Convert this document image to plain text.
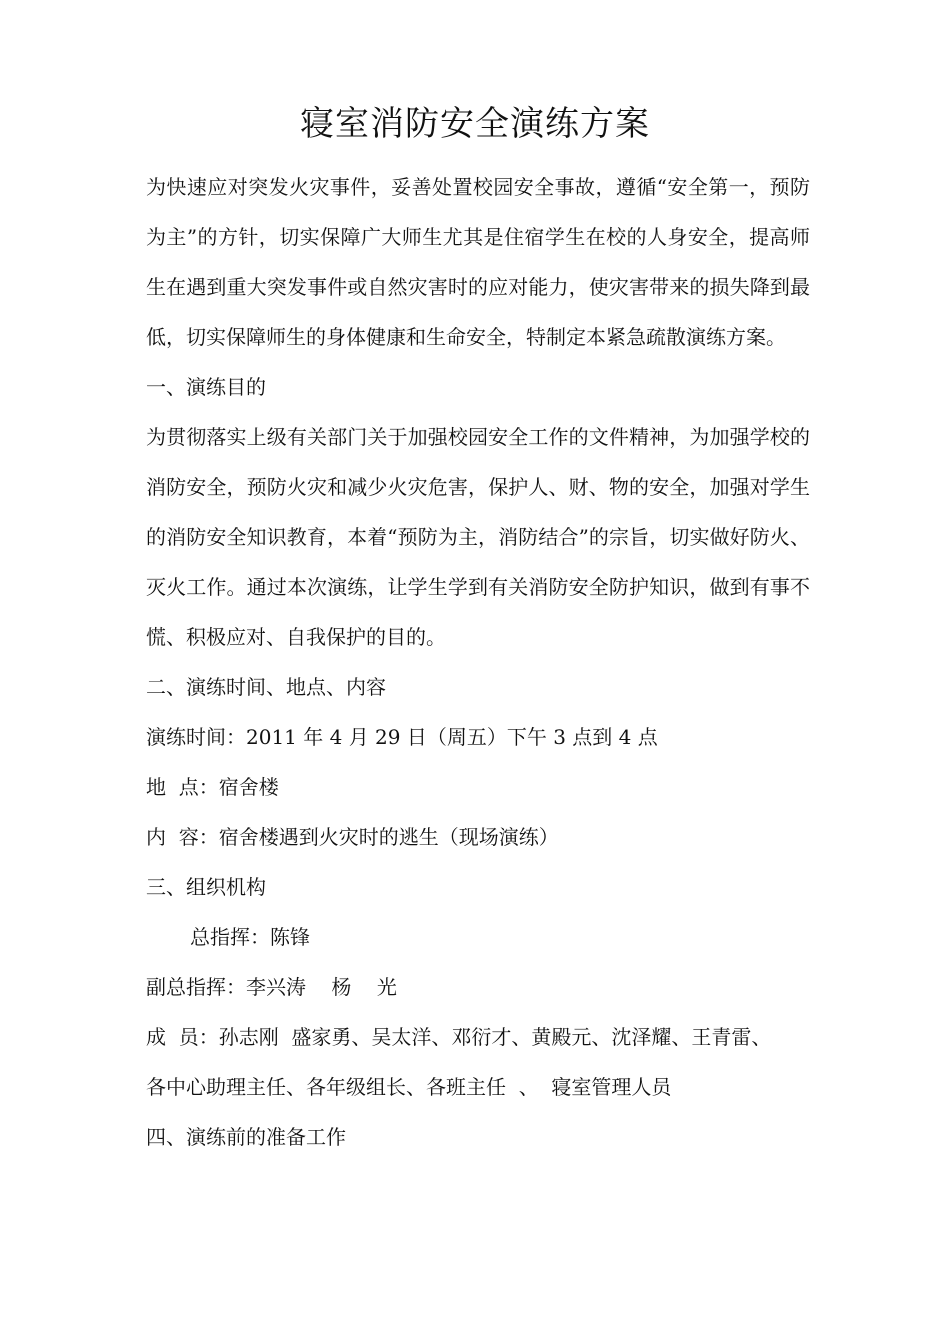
寝室消防安全演练方案

为快速应对突发火灾事件，妥善处置校园安全事故，遵循“安全第一，预防为主”的方针，切实保障广大师生尤其是住宿学生在校的人身安全，提高师生在遇到重大突发事件或自然灾害时的应对能力，使灾害带来的损失降到最低，切实保障师生的身体健康和生命安全，特制定本紧急疏散演练方案。

一、演练目的

为贯彻落实上级有关部门关于加强校园安全工作的文件精神，为加强学校的消防安全，预防火灾和减少火灾危害，保护人、财、物的安全，加强对学生的消防安全知识教育，本着“预防为主，消防结合”的宗旨，切实做好防火、灭火工作。通过本次演练，让学生学到有关消防安全防护知识，做到有事不慌、积极应对、自我保护的目的。

二、演练时间、地点、内容

演练时间：2011 年 4 月 29 日（周五）下午 3 点到 4 点

地  点：宿舍楼

内  容：宿舍楼遇到火灾时的逃生（现场演练）

三、组织机构

总指挥：陈锋

副总指挥：李兴涛    杨    光

成  员：孙志刚  盛家勇、吴太洋、邓衍才、黄殿元、沈泽耀、王青雷、

各中心助理主任、各年级组长、各班主任  、  寝室管理人员

四、演练前的准备工作
